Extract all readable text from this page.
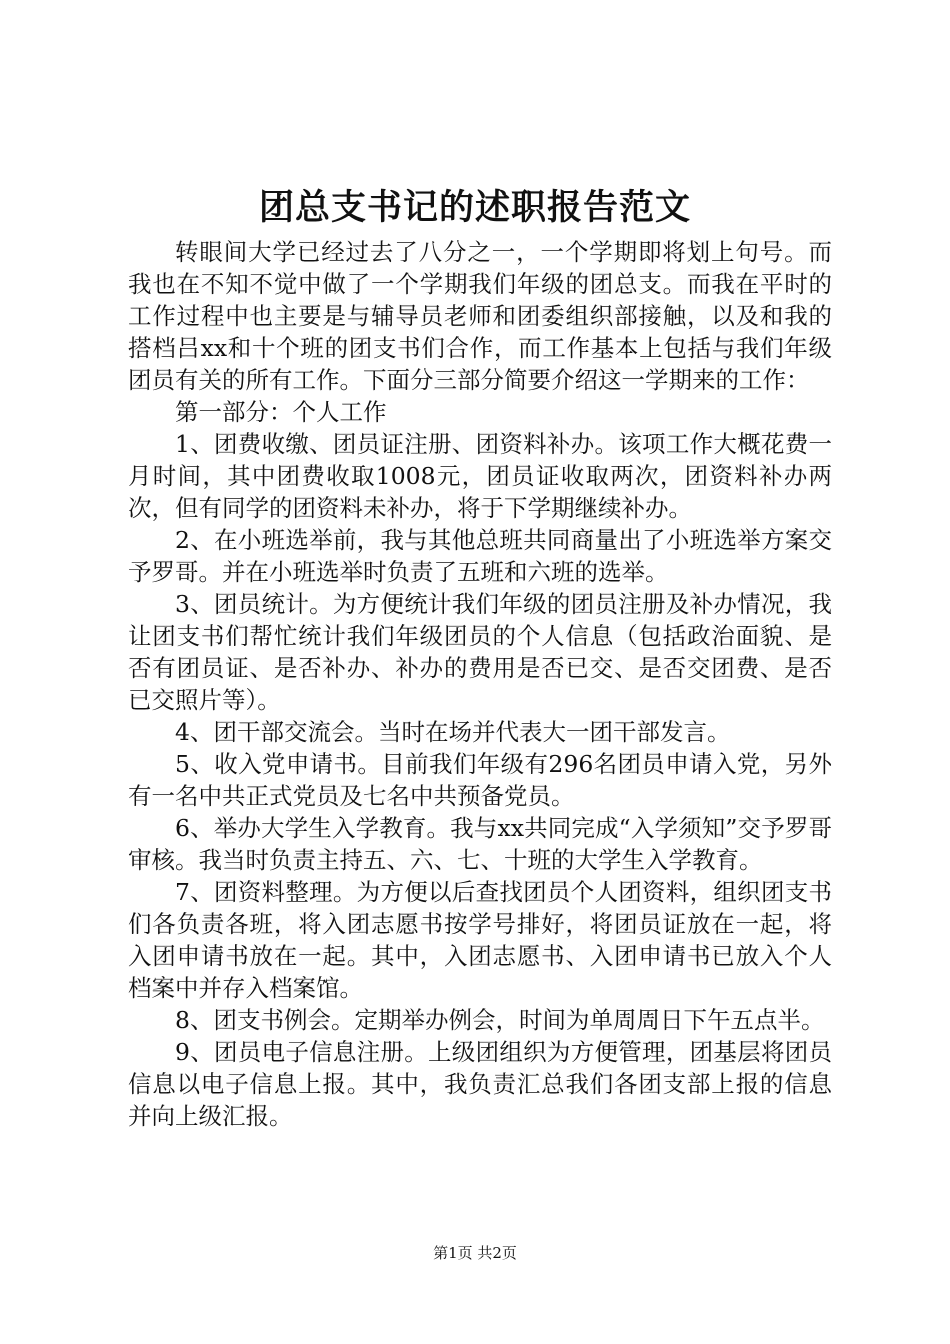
团总支书记的述职报告范文

转眼间大学已经过去了八分之一，一个学期即将划上句号。而我也在不知不觉中做了一个学期我们年级的团总支。而我在平时的工作过程中也主要是与辅导员老师和团委组织部接触，以及和我的搭档吕xx和十个班的团支书们合作，而工作基本上包括与我们年级团员有关的所有工作。下面分三部分简要介绍这一学期来的工作：

第一部分：个人工作

1、团费收缴、团员证注册、团资料补办。该项工作大概花费一月时间，其中团费收取1008元，团员证收取两次，团资料补办两次，但有同学的团资料未补办，将于下学期继续补办。

2、在小班选举前，我与其他总班共同商量出了小班选举方案交予罗哥。并在小班选举时负责了五班和六班的选举。

3、团员统计。为方便统计我们年级的团员注册及补办情况，我让团支书们帮忙统计我们年级团员的个人信息（包括政治面貌、是否有团员证、是否补办、补办的费用是否已交、是否交团费、是否已交照片等）。

4、团干部交流会。当时在场并代表大一团干部发言。

5、收入党申请书。目前我们年级有296名团员申请入党，另外有一名中共正式党员及七名中共预备党员。

6、举办大学生入学教育。我与xx共同完成“入学须知”交予罗哥审核。我当时负责主持五、六、七、十班的大学生入学教育。

7、团资料整理。为方便以后查找团员个人团资料，组织团支书们各负责各班，将入团志愿书按学号排好，将团员证放在一起，将入团申请书放在一起。其中，入团志愿书、入团申请书已放入个人档案中并存入档案馆。

8、团支书例会。定期举办例会，时间为单周周日下午五点半。

9、团员电子信息注册。上级团组织为方便管理，团基层将团员信息以电子信息上报。其中，我负责汇总我们各团支部上报的信息并向上级汇报。

第1页 共2页
